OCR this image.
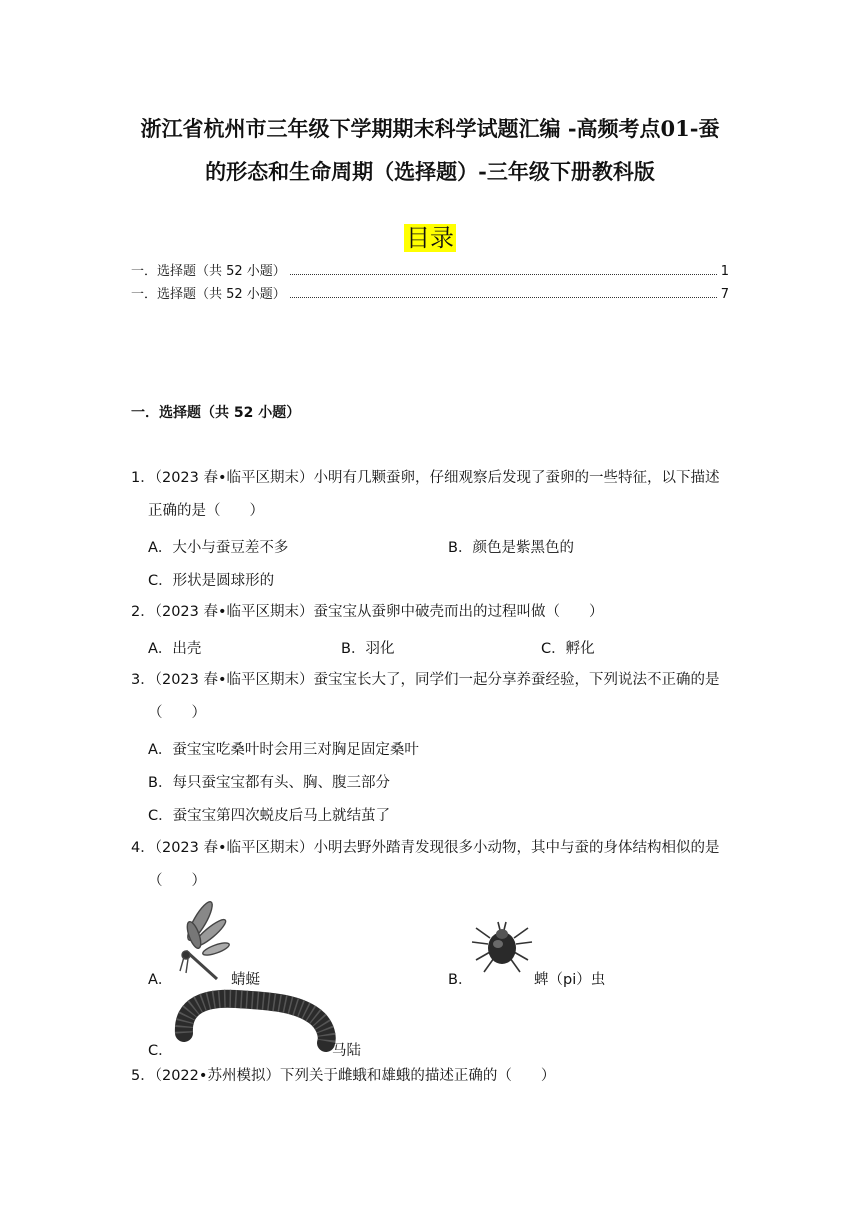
浙江省杭州市三年级下学期期末科学试题汇编 -高频考点01-蚕
的形态和生命周期（选择题）-三年级下册教科版
目录
一．选择题（共 52 小题）	1
一．选择题（共 52 小题）	7
一．选择题（共 52 小题）
1．（2023 春•临平区期末）小明有几颗蚕卵，仔细观察后发现了蚕卵的一些特征，以下描述
正确的是（　　）
A．大小与蚕豆差不多	B．颜色是紫黑色的
C．形状是圆球形的
2．（2023 春•临平区期末）蚕宝宝从蚕卵中破壳而出的过程叫做（　　）
A．出壳	B．羽化	C．孵化
3．（2023 春•临平区期末）蚕宝宝长大了，同学们一起分享养蚕经验，下列说法不正确的是
（　　）
A．蚕宝宝吃桑叶时会用三对胸足固定桑叶
B．每只蚕宝宝都有头、胸、腹三部分
C．蚕宝宝第四次蜕皮后马上就结茧了
4．（2023 春•临平区期末）小明去野外踏青发现很多小动物，其中与蚕的身体结构相似的是
（　　）
A．	蜻蜓	B．	蜱（pi）虫
C．	马陆
5．（2022•苏州模拟）下列关于雌蛾和雄蛾的描述正确的（　　）
